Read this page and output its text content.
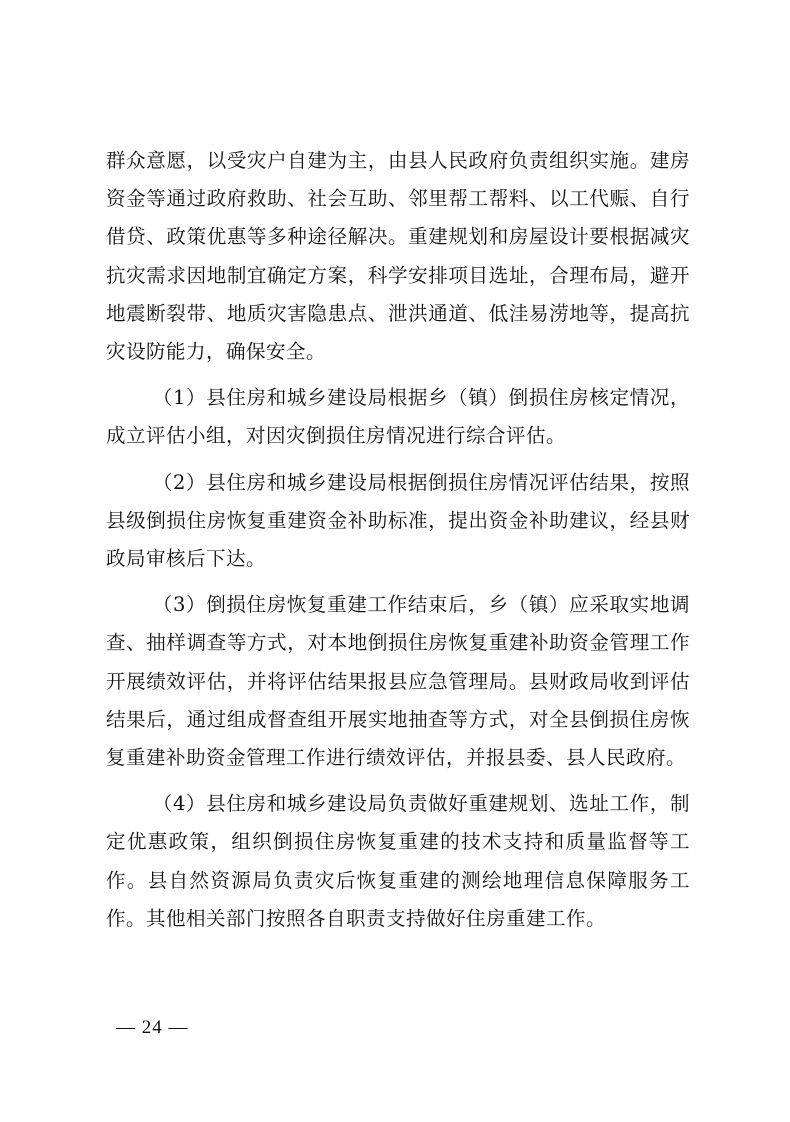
群众意愿，以受灾户自建为主，由县人民政府负责组织实施。建房资金等通过政府救助、社会互助、邻里帮工帮料、以工代赈、自行借贷、政策优惠等多种途径解决。重建规划和房屋设计要根据减灾抗灾需求因地制宜确定方案，科学安排项目选址，合理布局，避开地震断裂带、地质灾害隐患点、泄洪通道、低洼易涝地等，提高抗灾设防能力，确保安全。

（1）县住房和城乡建设局根据乡（镇）倒损住房核定情况，成立评估小组，对因灾倒损住房情况进行综合评估。

（2）县住房和城乡建设局根据倒损住房情况评估结果，按照县级倒损住房恢复重建资金补助标准，提出资金补助建议，经县财政局审核后下达。

（3）倒损住房恢复重建工作结束后，乡（镇）应采取实地调查、抽样调查等方式，对本地倒损住房恢复重建补助资金管理工作开展绩效评估，并将评估结果报县应急管理局。县财政局收到评估结果后，通过组成督查组开展实地抽查等方式，对全县倒损住房恢复重建补助资金管理工作进行绩效评估，并报县委、县人民政府。

（4）县住房和城乡建设局负责做好重建规划、选址工作，制定优惠政策，组织倒损住房恢复重建的技术支持和质量监督等工作。县自然资源局负责灾后恢复重建的测绘地理信息保障服务工作。其他相关部门按照各自职责支持做好住房重建工作。

— 24 —
